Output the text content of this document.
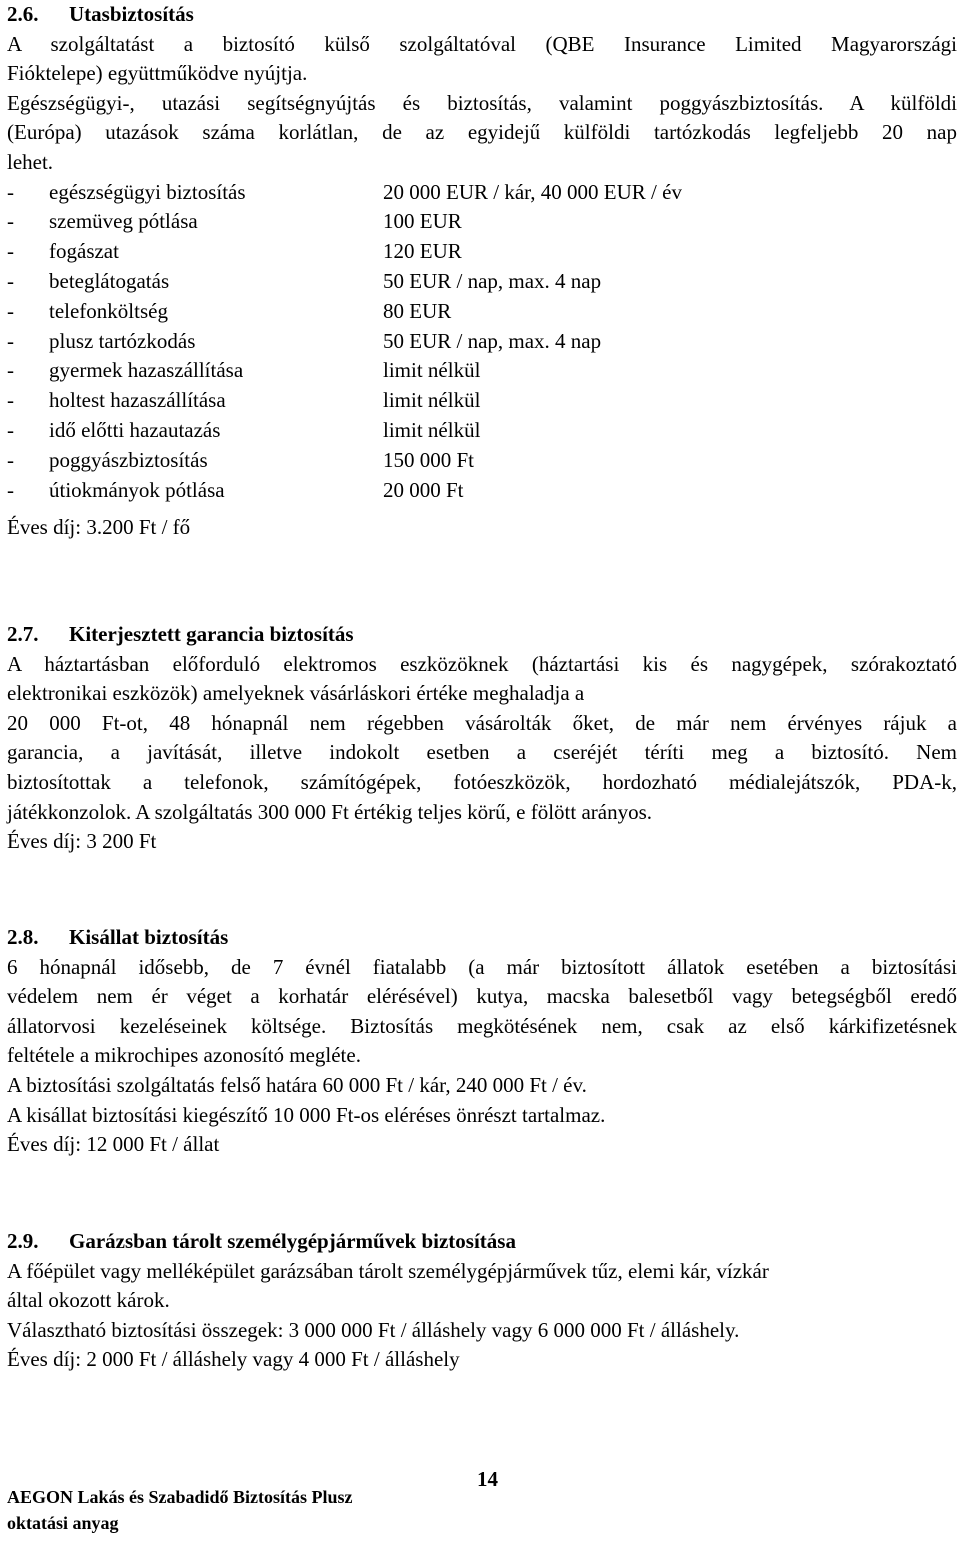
2.6.	Utasbiztosítás

A szolgáltatást a biztosító külső szolgáltatóval (QBE Insurance Limited Magyarországi

Fióktelepe) együttműködve nyújtja.

Egészségügyi-, utazási segítségnyújtás és biztosítás, valamint poggyászbiztosítás. A külföldi

(Európa) utazások száma korlátlan, de az egyidejű külföldi tartózkodás legfeljebb 20 nap

lehet.

-	egészségügyi biztosítás	20 000 EUR / kár, 40 000 EUR / év
-	szemüveg pótlása	100 EUR
-	fogászat	120 EUR
-	beteglátogatás	50 EUR / nap, max. 4 nap
-	telefonköltség	80 EUR
-	plusz tartózkodás	50 EUR / nap, max. 4 nap
-	gyermek hazaszállítása	limit nélkül
-	holtest hazaszállítása	limit nélkül
-	idő előtti hazautazás	limit nélkül
-	poggyászbiztosítás	150 000 Ft
-	útiokmányok pótlása	20 000 Ft

Éves díj: 3.200 Ft / fő

2.7.	Kiterjesztett garancia biztosítás

A háztartásban előforduló elektromos eszközöknek (háztartási kis és nagygépek, szórakoztató

elektronikai eszközök) amelyeknek vásárláskori értéke meghaladja a

20 000 Ft-ot, 48 hónapnál nem régebben vásárolták őket, de már nem érvényes rájuk a

garancia, a javítását, illetve indokolt esetben a cseréjét téríti meg a biztosító. Nem

biztosítottak a telefonok, számítógépek, fotóeszközök, hordozható médialejátszók, PDA-k,

játékkonzolok. A szolgáltatás 300 000 Ft értékig teljes körű, e fölött arányos.

Éves díj: 3 200 Ft

2.8.	Kisállat biztosítás

6 hónapnál idősebb, de 7 évnél fiatalabb (a már biztosított állatok esetében a biztosítási

védelem nem ér véget a korhatár elérésével) kutya, macska balesetből vagy betegségből eredő

állatorvosi kezeléseinek költsége. Biztosítás megkötésének nem, csak az első kárkifizetésnek

feltétele a mikrochipes azonosító megléte.

A biztosítási szolgáltatás felső határa 60 000 Ft / kár, 240 000 Ft / év.

A kisállat biztosítási kiegészítő 10 000 Ft-os eléréses önrészt tartalmaz.

Éves díj: 12 000 Ft / állat

2.9.	Garázsban tárolt személygépjárművek biztosítása

A főépület vagy melléképület garázsában tárolt személygépjárművek tűz, elemi kár, vízkár

által okozott károk.

Választható biztosítási összegek: 3 000 000 Ft / álláshely vagy 6 000 000 Ft / álláshely.

Éves díj: 2 000 Ft / álláshely vagy 4 000 Ft / álláshely

14
AEGON Lakás és Szabadidő Biztosítás Plusz
oktatási anyag
